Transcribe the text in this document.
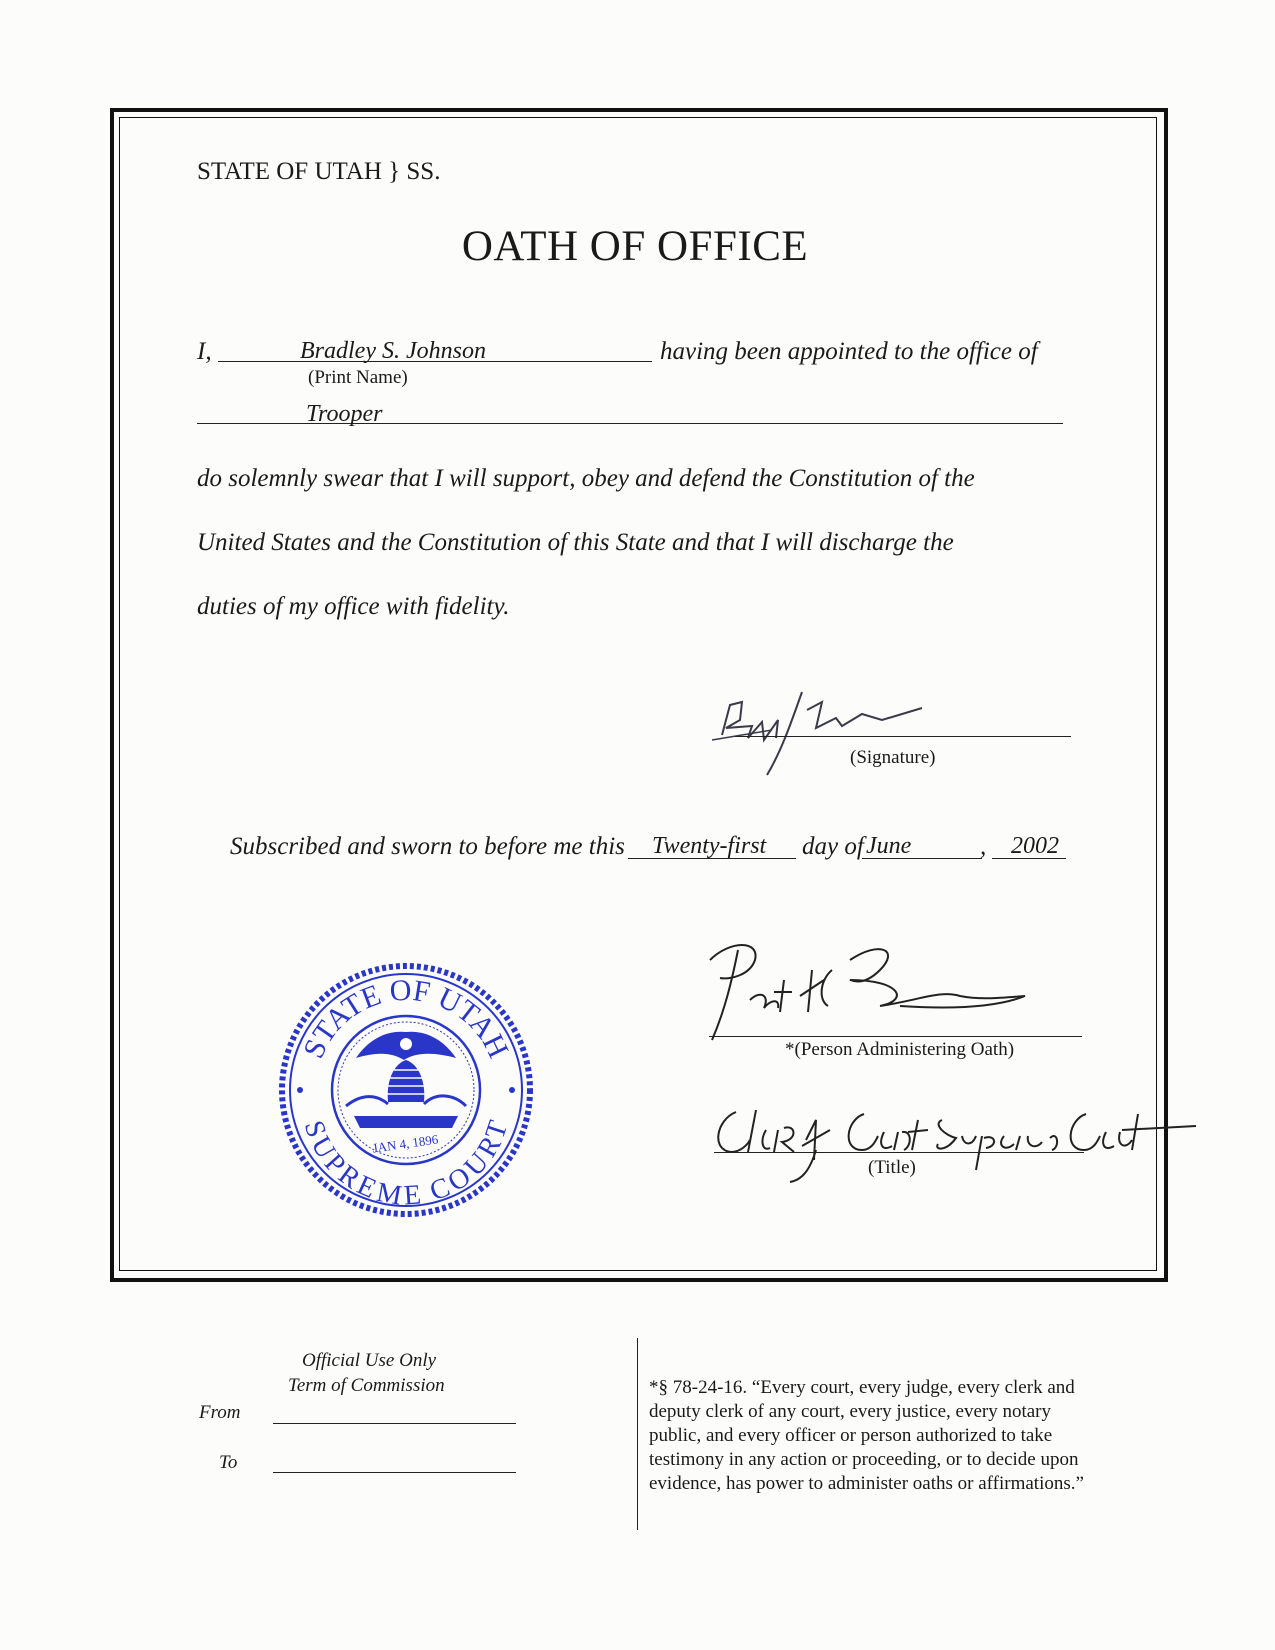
STATE OF UTAH } SS.
OATH OF OFFICE
I,	Bradley S. Johnson	having been appointed to the office of
(Print Name)
Trooper
do solemnly swear that I will support, obey and defend the Constitution of the
United States and the Constitution of this State and that I will discharge the
duties of my office with fidelity.
(Signature)
Subscribed and sworn to before me this Twenty-first day of June	, 2002
STATE OF UTAH
SUPREME COURT
JAN 4, 1896
*(Person Administering Oath)
(Title)
Official Use Only
Term of Commission
From
To
*§ 78-24-16. “Every court, every judge, every clerk and
deputy clerk of any court, every justice, every notary
public, and every officer or person authorized to take
testimony in any action or proceeding, or to decide upon
evidence, has power to administer oaths or affirmations.”
